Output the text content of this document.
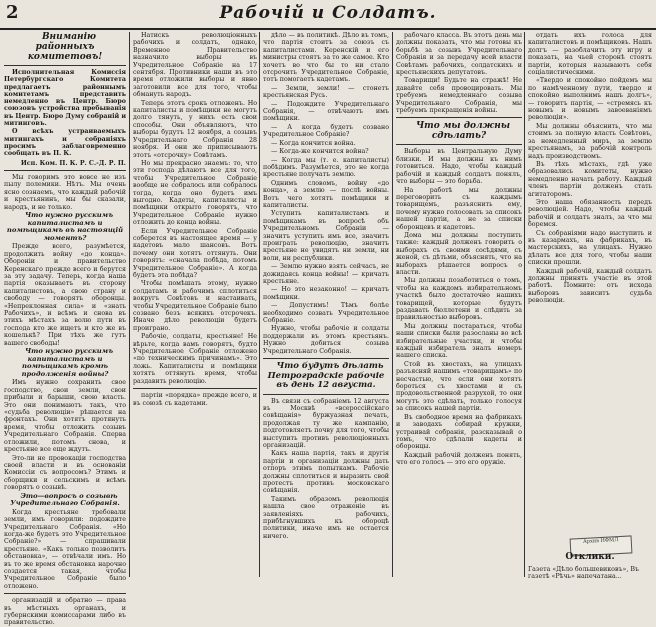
2	Рабочій и Солдатъ.

Вниманію районныхъ комитетовъ!

Исполнительная Комиссія Петербургскаго Комитета предлагаетъ районнымъ комитетамъ представить немедленно въ Центр. Бюро союзовъ устройства пребыванія въ Центр. Бюро Думу собраній и митинговъ.

О всѣхъ устраиваемыхъ митингахъ и собраніяхъ просимъ заблаговременно сообщать въ П. К.

Исп. Ком. П. К. Р. С.-Д. Р. П.

Мы говоримъ это вовсе не изъ пылу полемики. Нѣтъ. Мы очень ясно сознаемъ, что каждый рабочій и крестьянинъ, мы бы сказали, народъ, и не только.

Что нужно русскимъ капиталистамъ и помѣщикамъ въ настоящій моментъ?

Прежде всего, разумѣется, продолжить войну «до конца». Обороніи и правительство Керенскаго прежде всего и берутся за эту задачу. Теперь, когда наша партія оказываетъ въ сторону капиталистовъ, а свою страну и свободу — говорятъ оборонцы. «Непреклонная сила» и «знать Рабочихъ», и всѣмъ и снова въ этихъ мѣстахъ за волю пути въ господа кто же ищетъ и кто же въ кошелькѣ? При тѣхъ же гутъ вашего свободы!

Что нужно русскимъ капиталистамъ и помѣщикамъ кромѣ продолженія войны?

Имъ нужно сохранить свое господство, свои земли, свои прибыли и барыши, свою власть. Это они понимаютъ такъ, что «судьба революціи» рѣшается на фронтахъ. Они хотятъ протянуть время, чтобы отложить созывъ Учредительнаго Собранія. Сперва отложили, потомъ снова, и крестьяне все еще ждутъ.

Это-ли не провокаціи господства своей власти и въ основаніи Комиссіи съ вопросомъ? Этимъ и сборщики и сельскимъ и всѣмъ говорятъ о созывѣ.

Это—вопросъ о созывѣ Учредительнаго Собранія.

Когда крестьяне требовали земли, имъ говорили: подождите Учредительнаго Собранія. «Но когда-же будетъ это Учредительное Собраніе?» — спрашивали крестьяне. «Какъ только позволитъ обстановка», — отвѣчали имъ. Но въ то же время обстановка нарочно создается такая, чтобы Учредительное Собраніе было отложено.

организацій и обратно — права въ мѣстныхъ органахъ, и губернскими комиссарами либо въ правительство.

Натискъ революціонныхъ рабочихъ и солдатъ, однако, Временное Правительство назначило выборы въ Учредительное Собраніе на 17 сентября. Противники наши въ это время отложили выборы и явно заготовили все для того, чтобы обмануть народъ.

Теперь этотъ срокъ отложенъ. Но капиталисты и помѣщики не могутъ долго тянуть, у нихъ есть свои способы. Они объявляютъ, что выборы будутъ 12 ноября, а созывъ Учредительнаго Собранія 28 ноября. И они же приписываютъ этотъ «отсрочку» Совѣтамъ.

Но мы прекрасно знаемъ: то, что эти господа дѣлаютъ все для того, чтобы Учредительное Собраніе вообще не собралось или собралось тогда, когда оно будетъ имъ выгодно. Кадеты, капиталисты и помѣщики открыто говорятъ, что Учредительное Собраніе нужно отложить до конца войны.

Если Учредительное Собраніе соберется въ настоящее время — у кадетовъ мало шансовъ. Вотъ почему они хотятъ оттянуть. Они говорятъ: «сначала побѣда, потомъ Учредительное Собраніе». А когда будетъ эта побѣда?

Чтобы помѣшать этому, нужно солдатамъ и рабочимъ сплотиться вокругъ Совѣтовъ и настаивать, чтобы Учредительное Собраніе было созвано безъ всякихъ отсрочекъ. Иначе дѣло революціи будетъ проиграно.

Рабочіе, солдаты, крестьяне! Не вѣрьте, когда вамъ говорятъ, будто Учредительное Собраніе отложено «по техническимъ причинамъ». Это ложь. Капиталисты и помѣщики хотятъ оттянуть время, чтобы раздавить революцію.

партіи «порядка» прежде всего, и въ союзѣ съ кадетами.

дѣло — въ политикѣ. Дѣло въ томъ, что партія стоитъ за союзъ съ капиталистами. Керенскій и его министры стоятъ за то же самое. Кто хочетъ во что бы то ни стало отсрочить Учредительное Собраніе, тотъ помогаетъ кадетамъ.

— Земли, земли! — стонетъ крестьянская Русь.

— Подождите Учредительнаго Собранія, — отвѣчаютъ имъ помѣщики.

— А когда будетъ созвано Учредительное Собраніе?

— Когда кончится война.

— Когда-же кончится война?

— Когда мы (т. е. капиталисты) побѣдимъ. Разумѣется, это не когда крестьяне получатъ землю.

Однимъ словомъ, войну «до конца», а землю — послѣ войны. Вотъ чего хотятъ помѣщики и капиталисты.

Уступить капиталистамъ и помѣщикамъ въ вопросѣ объ Учредительномъ Собраніи — значитъ уступить имъ все, значитъ проиграть революцію, значитъ крестьяне не увидятъ ни земли, ни воли, ни республики.

— Землю нужно взять сейчасъ, не дожидаясь конца войны! — кричатъ крестьяне.

— Но это незаконно! — кричатъ помѣщики.

— Допустимъ! Тѣмъ болѣе необходимо созвать Учредительное Собраніе.

Нужно, чтобы рабочіе и солдаты поддержали въ этомъ крестьянъ. Нужно добиться созыва Учредительнаго Собранія.

Что будутъ дѣлать Петроградскіе рабочіе въ день 12 августа.

Въ связи съ собраніемъ 12 августа въ Москвѣ «всероссійскаго совѣщанія» буржуазная печать, продолжая ту же кампанію, подготовляетъ почву для того, чтобы выступить противъ революціонныхъ организацій.

Какъ наша партія, такъ и другія партіи и организаціи должны дать отпоръ этимъ попыткамъ. Рабочіе должны сплотиться и выразить свой протестъ противъ московскаго совѣщанія.

Такимъ образомъ революція нашла свое отраженіе въ заявленіяхъ рабочихъ, прибѣгнувшихъ къ обороцѣ политики, иначе имъ не остается ничего.

рабочаго класса. Въ этотъ день мы должны показать, что мы готовы къ борьбѣ за созывъ Учредительнаго Собранія и за передачу всей власти Совѣтамъ рабочихъ, солдатскихъ и крестьянскихъ депутатовъ.

Товарищи! Будьте на стражѣ! Не давайте себя провоцировать. Мы требуемъ немедленнаго созыва Учредительнаго Собранія, мы требуемъ прекращенія войны.

Что мы должны сдѣлать?

Выборы въ Центральную Думу близки. И мы должны къ нимъ готовиться. Надо, чтобы каждый рабочій и каждый солдатъ понялъ, что выборы — это борьба.

На работѣ мы должны переговорить съ каждымъ товарищемъ, разъяснить ему, почему нужно голосовать за списокъ нашей партіи, а не за списки оборонцевъ и кадетовъ.

Дома мы должны поступить также: каждый долженъ говорить о выборахъ съ своими сосѣдями, съ женой, съ дѣтьми, объяснять, что на выборахъ рѣшается вопросъ о власти.

Мы должны позаботиться о томъ, чтобы на каждомъ избирательномъ участкѣ было достаточно нашихъ товарищей, которые будутъ раздавать бюллетени и слѣдить за правильностью выборовъ.

Мы должны постараться, чтобы наши списки были разосланы во всѣ избирательные участки, и чтобы каждый избиратель зналъ номеръ нашего списка.

Стой въ хвостахъ, на улицахъ разъясняй нашимъ «товарищамъ» по несчастью, что если они хотятъ бороться съ хвостами и съ продовольственной разрухой, то они могутъ это сдѣлать, только голосуя за списокъ нашей партіи.

Въ свободное время на фабрикахъ и заводахъ собирай кружки, устраивай собранія, разсказывай о томъ, что сдѣлали кадеты и оборонцы.

Каждый рабочій долженъ понять, что его голосъ — это его оружіе.

отдать ихъ голоса для капиталистовъ и помѣщиковъ. Нашъ долгъ — разоблачить эту игру и показать, на чьей сторонѣ стоятъ партіи, которыя называютъ себя соціалистическими.

«Твердо и спокойно пойдемъ мы по намѣченному пути, твердо и спокойно выполнимъ нашъ долгъ», — говоритъ партія, — «стремясь къ новымъ и новымъ завоеваніямъ революціи».

Мы должны объяснить, что мы стоимъ за полную власть Совѣтовъ, за немедленный миръ, за землю крестьянамъ, за рабочій контроль надъ производствомъ.

Въ тѣхъ мѣстахъ, гдѣ уже образовались комитеты, нужно немедленно начать работу. Каждый членъ партіи долженъ стать агитаторомъ.

Это наша обязанность передъ революціей. Надо, чтобы каждый рабочій и солдатъ зналъ, за что мы боремся.

Съ собраніями надо выступить и въ казармахъ, на фабрикахъ, въ мастерскихъ, на улицахъ. Нужно дѣлать все для того, чтобы наши списки прошли.

Каждый рабочій, каждый солдатъ должны принять участіе въ этой работѣ. Помните: отъ исхода выборовъ зависитъ судьба революціи.

Архив НФМЛ
Отклики.
Газета «Дѣло большевиковъ», Въ газетѣ «Рѣчь» напечатана...
